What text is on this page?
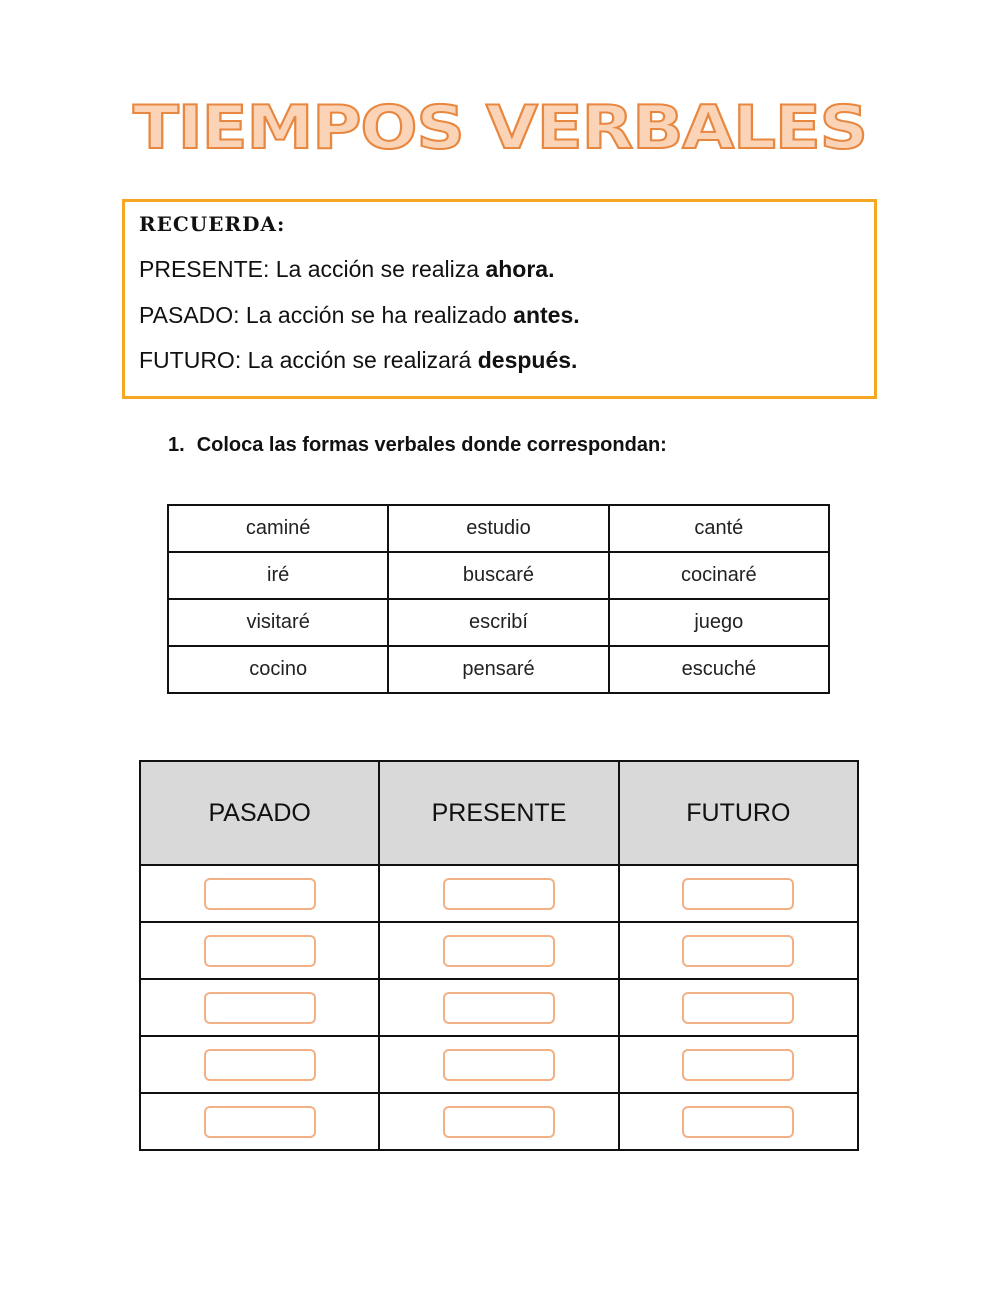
TIEMPOS VERBALES
RECUERDA:
PRESENTE: La acción se realiza ahora.
PASADO: La acción se ha realizado antes.
FUTURO: La acción se realizará después.
1. Coloca las formas verbales donde correspondan:
caminé	estudio	canté
iré	buscaré	cocinaré
visitaré	escribí	juego
cocino	pensaré	escuché
PASADO	PRESENTE	FUTURO
